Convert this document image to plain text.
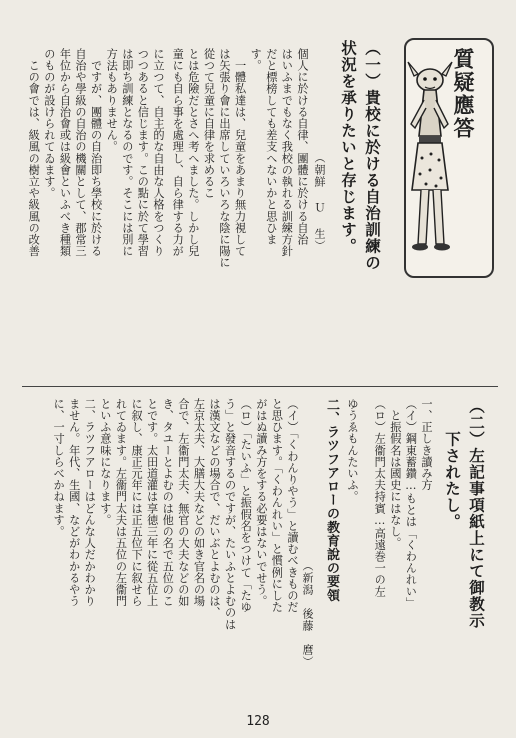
質疑應答
（一）貴校に於ける自治訓練の
状況を承りたいと存じます。
（朝鮮 Ｕ 生）
個人に於ける自律、團體に於ける自治
はいふまでもなく我校の執れる訓練方針
だと標榜しても差支へないかと思ひま
す。
　一體私達は、兒童をあまり無力視して
は矢張り會に出席していろいろな陰に陽に
從つて兒童に自律を求めるこ
とは危險だとさへ考へました。しかし兒
童にも自ら事を處理し、自ら律する力が

に立つて、自主的な自由な人格をつくり
つつあると信じます。この點に於て學習
は即ち訓練となるのです。そこには別に
方法もありません。
　ですが、團體の自治即ち學校に於ける
自治や學級の自治の機關として、郡常三
年位から自治會或は級會といふべき種類
のものが設けられてゐます。
　この會では、級風の樹立や級風の改善

（二）左記事項紙上にて御教示
　　下されたし。
一、正しき讀み方
（イ）鋼東蓄鑽…もとは「くわんれい」
　と振假名は國史にはなし。
（ロ）左衞門太夫持賓…高遠巻一の左
ゆうゑもんたいふ。
二、ラツフアローの教育說の要領
（新潟　後藤　麿）
（イ）「くわんりやう」と讀むべきものだ
と思ひます。「くわんれい」と慣例にした
がはぬ讀み方をする必要はないでせう。
（ロ）「たいふ」と振假名をつけて「たゆ
う」と發音するのですが、たいふとよむのは
は漢文などの場合で、だいぶとよむのは、
左京太夫、大膳大夫などの如き官名の場
合で、左衞門太夫、無官の大夫などの如
き、タユーとよむのは他の名で五位のこ
とです。太田道灌は享徳三年に從五位上
に叙し、康正元年には正五位下に叙せら
れてゐます。左衞門太夫は五位の左衞門
といふ意味になります。
二、ラツフアローはどんな人だかわかり
ません。年代、生國、などがわかるやう
に、一寸しらべかねます。
128
